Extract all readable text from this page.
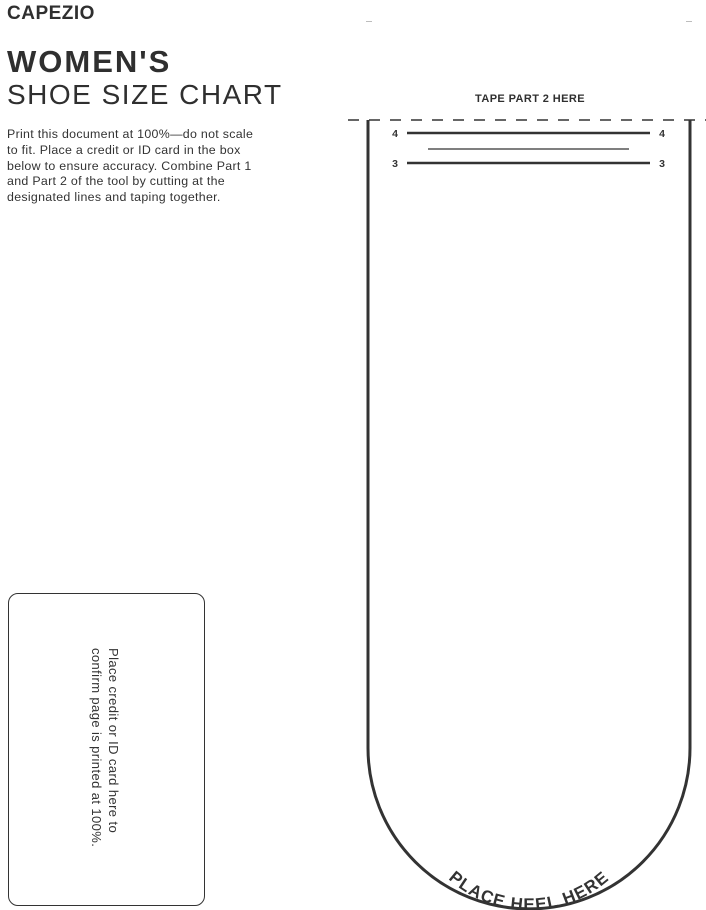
CAPEZIO
WOMEN'S
SHOE SIZE CHART
Print this document at 100%—do not scale
to fit. Place a credit or ID card in the box
below to ensure accuracy. Combine Part 1
and Part 2 of the tool by cutting at the
designated lines and taping together.
TAPE PART 2 HERE
4	4
3	3
PLACE HEEL HERE
Place credit or ID card here to
confirm page is printed at 100%.
